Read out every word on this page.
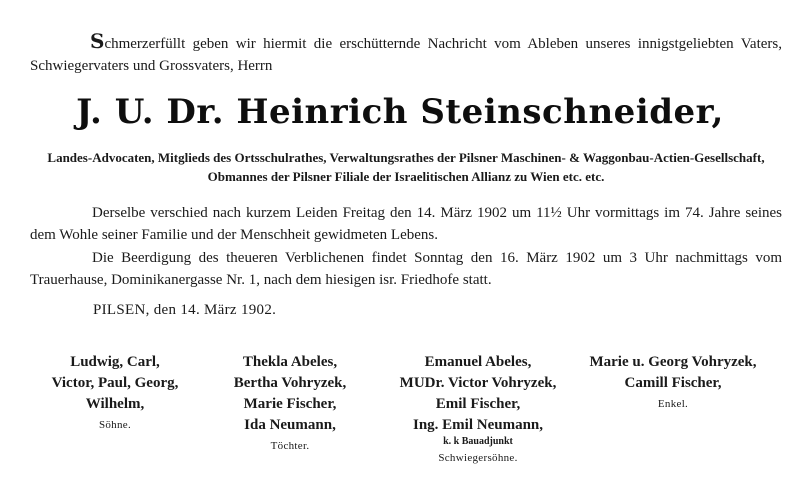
Schmerzerfüllt geben wir hiermit die erschütternde Nachricht vom Ableben unseres innigstgeliebten Vaters, Schwiegervaters und Grossvaters, Herrn
J. U. Dr. Heinrich Steinschneider,
Landes-Advocaten, Mitglieds des Ortsschulrathes, Verwaltungsrathes der Pilsner Maschinen- & Waggonbau-Actien-Gesellschaft, Obmannes der Pilsner Filiale der Israelitischen Allianz zu Wien etc. etc.
Derselbe verschied nach kurzem Leiden Freitag den 14. März 1902 um 11½ Uhr vormittags im 74. Jahre seines dem Wohle seiner Familie und der Menschheit gewidmeten Lebens.
Die Beerdigung des theueren Verblichenen findet Sonntag den 16. März 1902 um 3 Uhr nachmittags vom Trauerhause, Dominikanergasse Nr. 1, nach dem hiesigen isr. Friedhofe statt.
PILSEN, den 14. März 1902.
Ludwig, Carl,
Victor, Paul, Georg,
Wilhelm,
Söhne.
Thekla Abeles,
Bertha Vohryzek,
Marie Fischer,
Ida Neumann,
Töchter.
Emanuel Abeles,
MUDr. Victor Vohryzek,
Emil Fischer,
Ing. Emil Neumann,
k. k Bauadjunkt
Schwiegersöhne.
Marie u. Georg Vohryzek,
Camill Fischer,
Enkel.
